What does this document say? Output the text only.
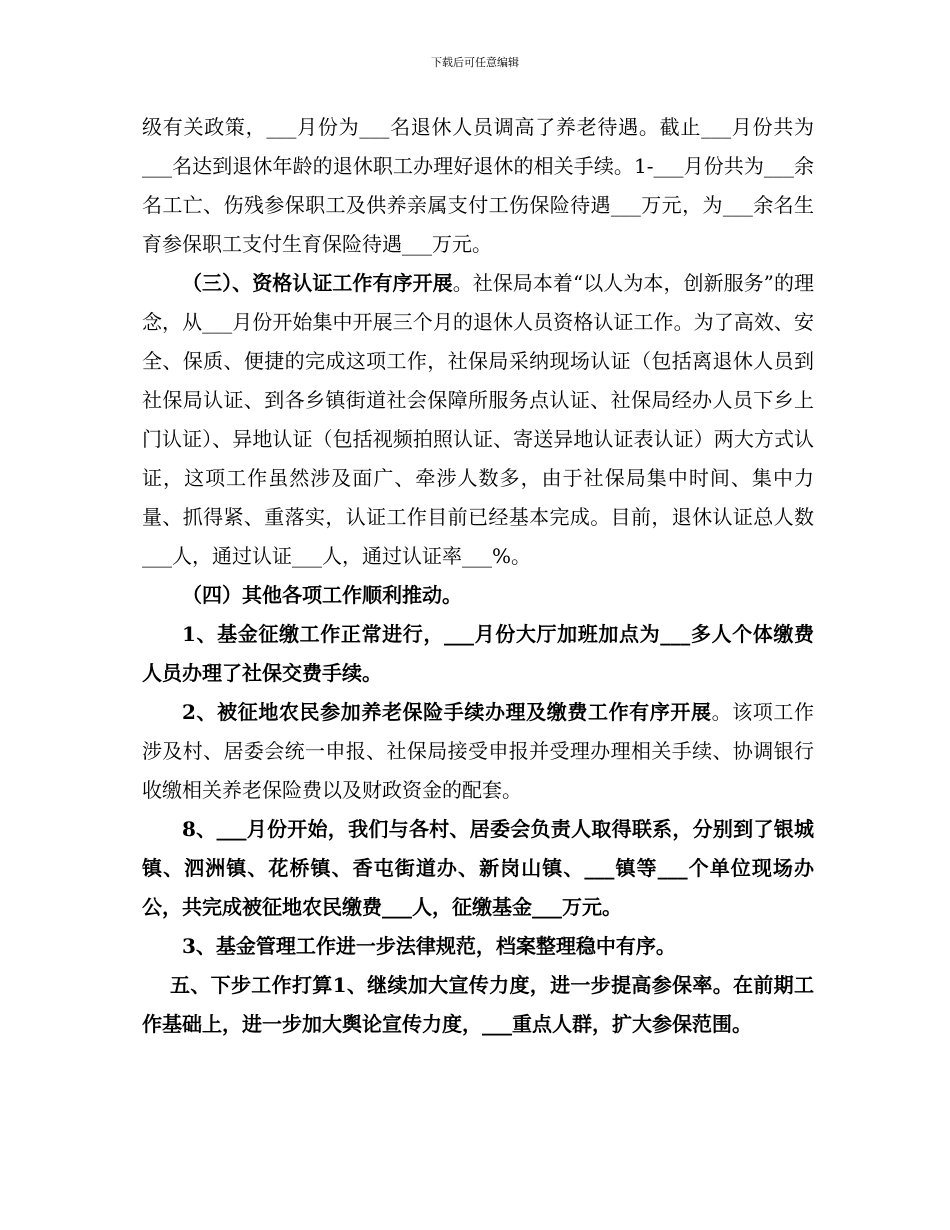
下载后可任意编辑

级有关政策，___月份为___名退休人员调高了养老待遇。截止___月份共为___名达到退休年龄的退休职工办理好退休的相关手续。1-___月份共为___余名工亡、伤残参保职工及供养亲属支付工伤保险待遇___万元，为___余名生育参保职工支付生育保险待遇___万元。

（三）、资格认证工作有序开展。社保局本着“以人为本，创新服务”的理念，从___月份开始集中开展三个月的退休人员资格认证工作。为了高效、安全、保质、便捷的完成这项工作，社保局采纳现场认证（包括离退休人员到社保局认证、到各乡镇街道社会保障所服务点认证、社保局经办人员下乡上门认证）、异地认证（包括视频拍照认证、寄送异地认证表认证）两大方式认证，这项工作虽然涉及面广、牵涉人数多，由于社保局集中时间、集中力量、抓得紧、重落实，认证工作目前已经基本完成。目前，退休认证总人数___人，通过认证___人，通过认证率___%。

（四）其他各项工作顺利推动。

1、基金征缴工作正常进行，___月份大厅加班加点为___多人个体缴费人员办理了社保交费手续。

2、被征地农民参加养老保险手续办理及缴费工作有序开展。该项工作涉及村、居委会统一申报、社保局接受申报并受理办理相关手续、协调银行收缴相关养老保险费以及财政资金的配套。

8、___月份开始，我们与各村、居委会负责人取得联系，分别到了银城镇、泗洲镇、花桥镇、香屯街道办、新岗山镇、___镇等___个单位现场办公，共完成被征地农民缴费___人，征缴基金___万元。

3、基金管理工作进一步法律规范，档案整理稳中有序。

五、下步工作打算1、继续加大宣传力度，进一步提高参保率。在前期工作基础上，进一步加大舆论宣传力度，___重点人群，扩大参保范围。
